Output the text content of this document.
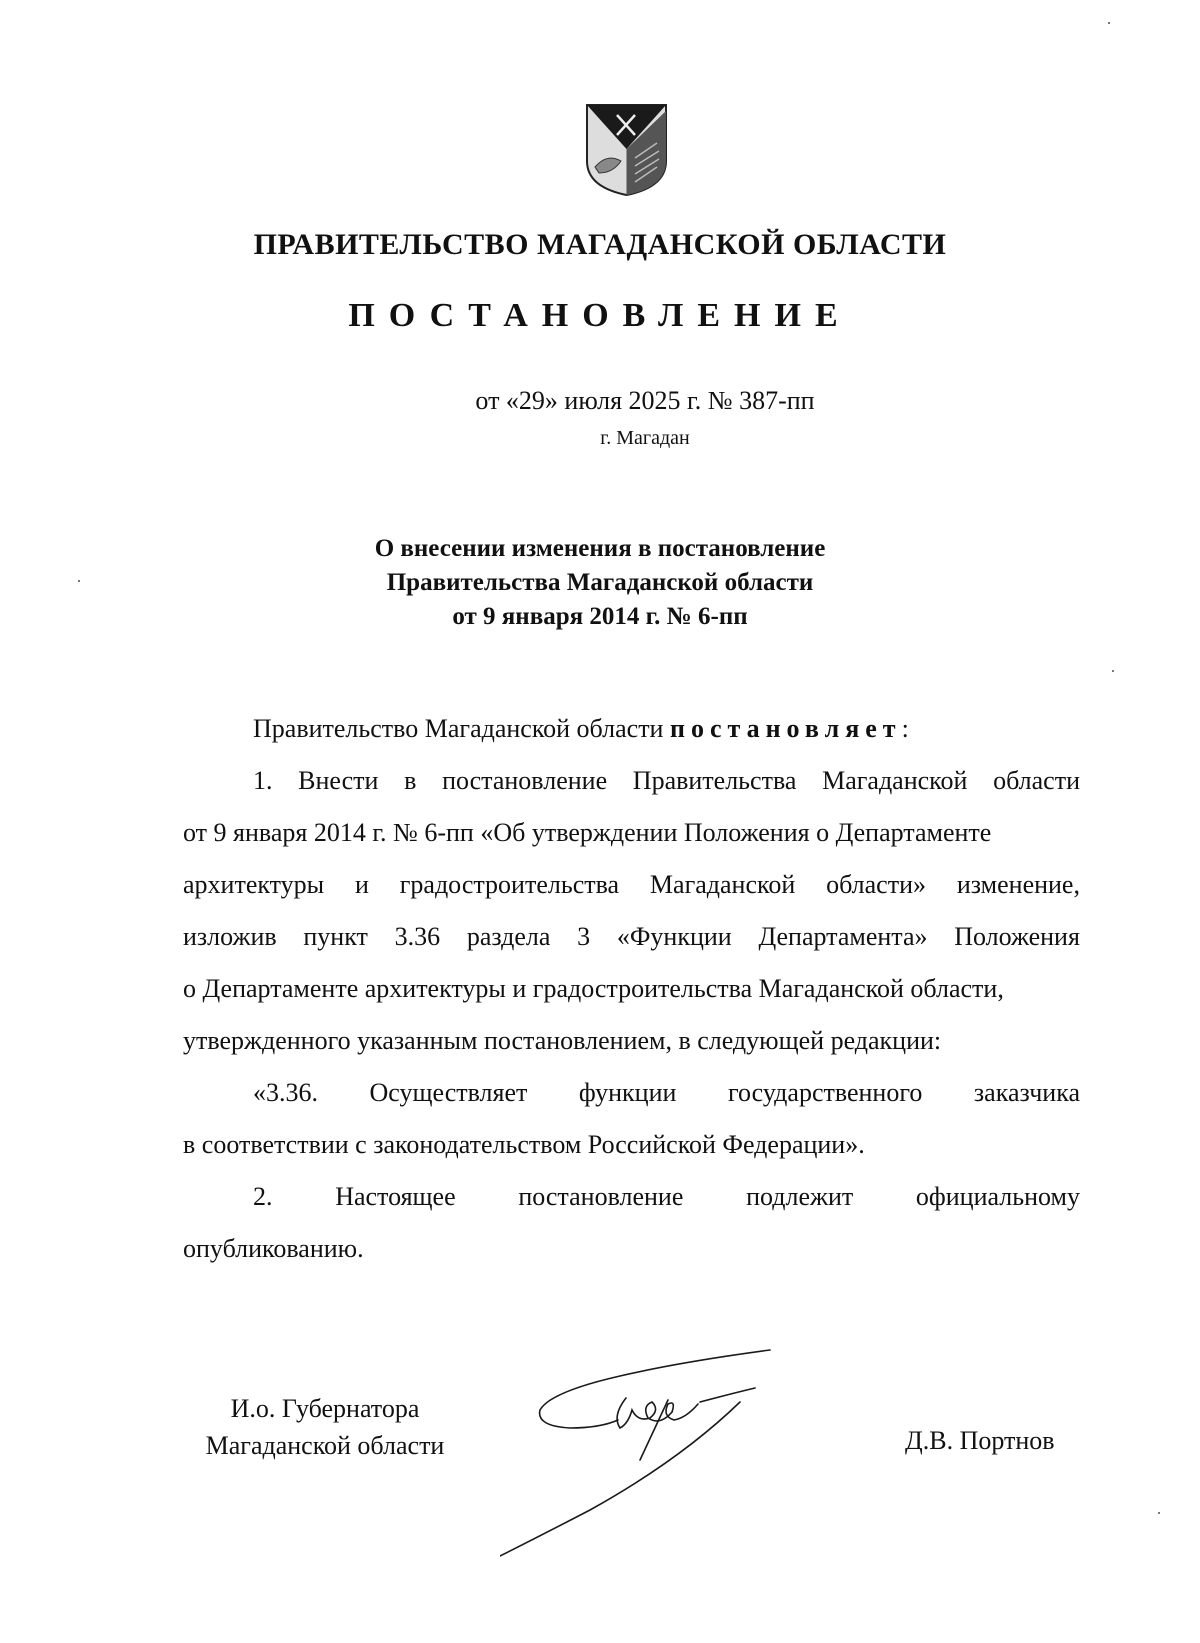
ПРАВИТЕЛЬСТВО МАГАДАНСКОЙ ОБЛАСТИ
ПОСТАНОВЛЕНИЕ
от «29» июля 2025 г. № 387-пп
г. Магадан
О внесении изменения в постановление
Правительства Магаданской области
от 9 января 2014 г. № 6-пп
Правительство Магаданской области постановляет:
1. Внести в постановление Правительства Магаданской области
от 9 января 2014 г. № 6-пп «Об утверждении Положения о Департаменте
архитектуры и градостроительства Магаданской области» изменение,
изложив пункт 3.36 раздела 3 «Функции Департамента» Положения
о Департаменте архитектуры и градостроительства Магаданской области,
утвержденного указанным постановлением, в следующей редакции:
«3.36. Осуществляет функции государственного заказчика
в соответствии с законодательством Российской Федерации».
2. Настоящее постановление подлежит официальному
опубликованию.
И.о. Губернатора
Магаданской области	Д.В. Портнов
